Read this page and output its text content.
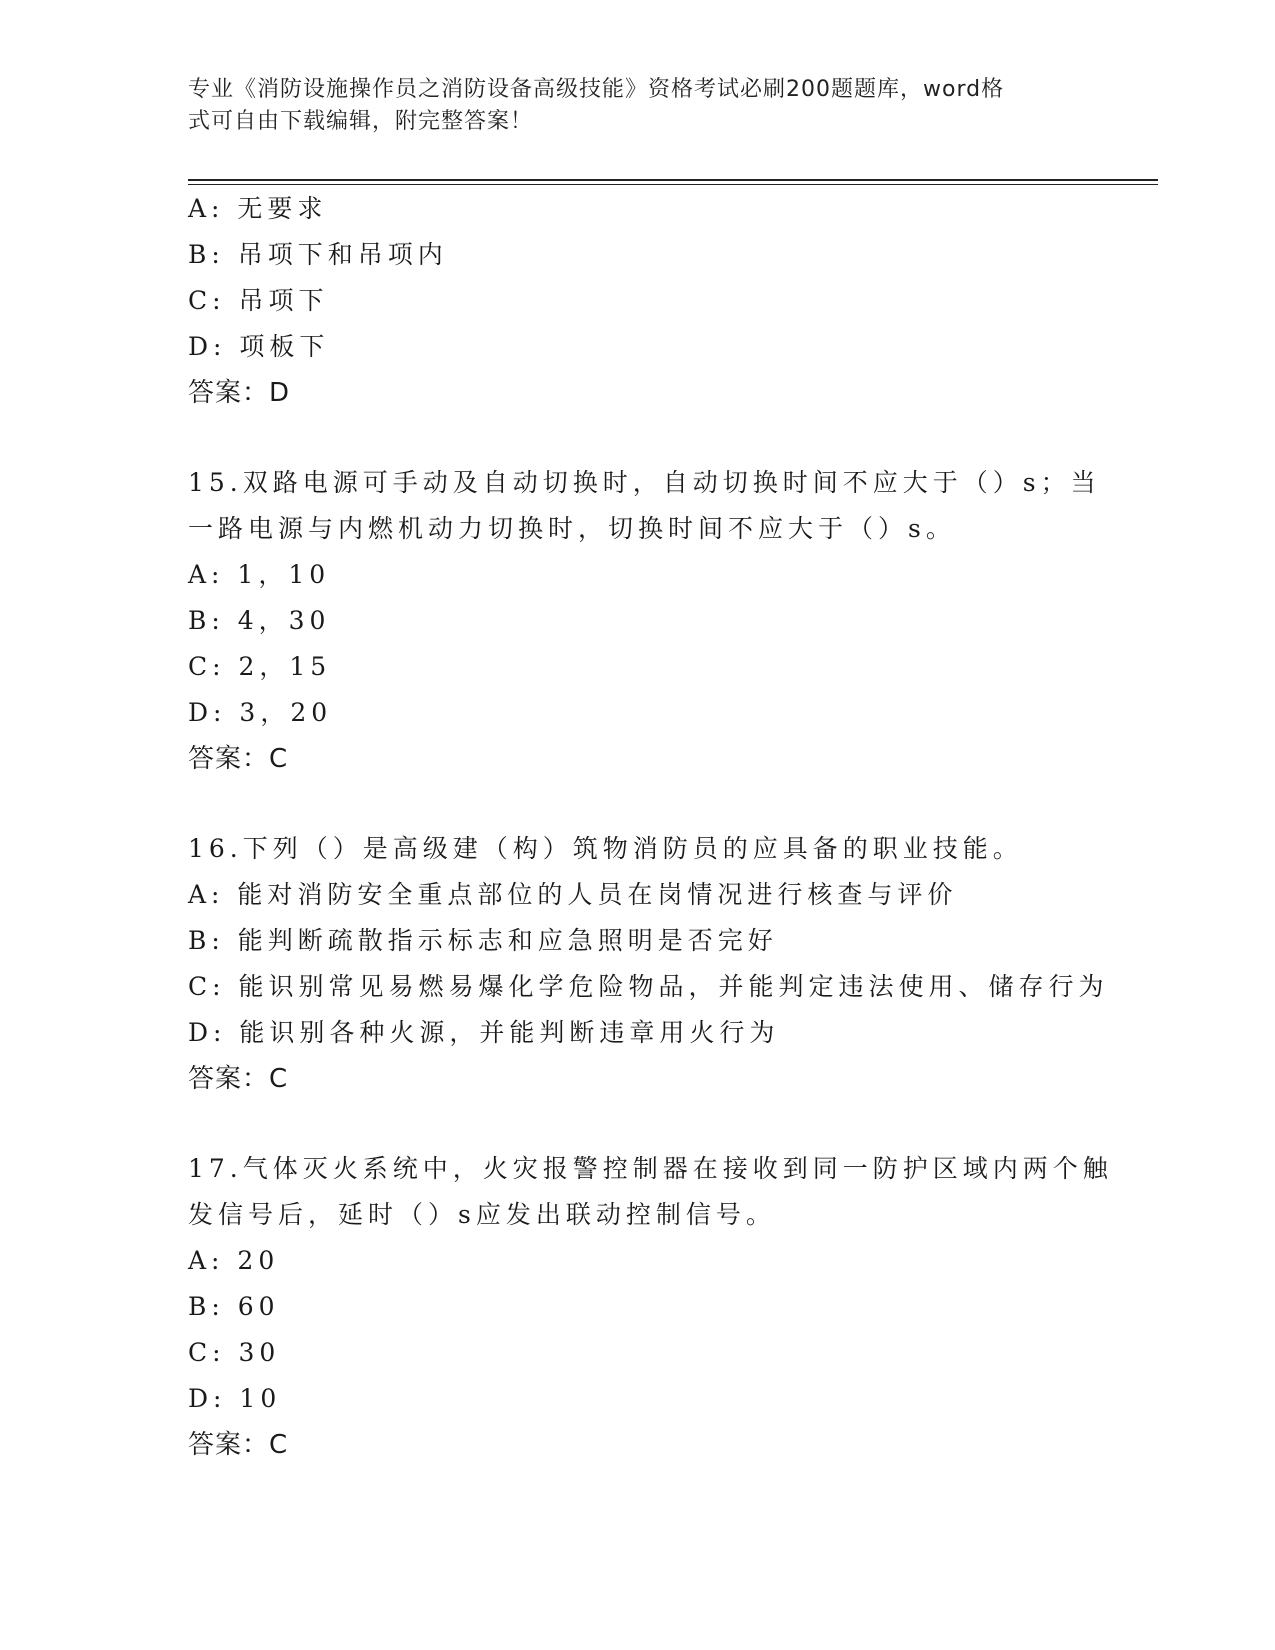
专业《消防设施操作员之消防设备高级技能》资格考试必刷200题题库，word格
式可自由下载编辑，附完整答案！
A: 无要求
B: 吊项下和吊项内
C: 吊项下
D: 项板下
答案：D
15.双路电源可手动及自动切换时，自动切换时间不应大于（）s；当
一路电源与内燃机动力切换时，切换时间不应大于（）s。
A: 1，10
B: 4，30
C: 2，15
D: 3，20
答案：C
16.下列（）是高级建（构）筑物消防员的应具备的职业技能。
A: 能对消防安全重点部位的人员在岗情况进行核查与评价
B: 能判断疏散指示标志和应急照明是否完好
C: 能识别常见易燃易爆化学危险物品，并能判定违法使用、储存行为
D: 能识别各种火源，并能判断违章用火行为
答案：C
17.气体灭火系统中，火灾报警控制器在接收到同一防护区域内两个触
发信号后，延时（）s应发出联动控制信号。
A: 20
B: 60
C: 30
D: 10
答案：C
